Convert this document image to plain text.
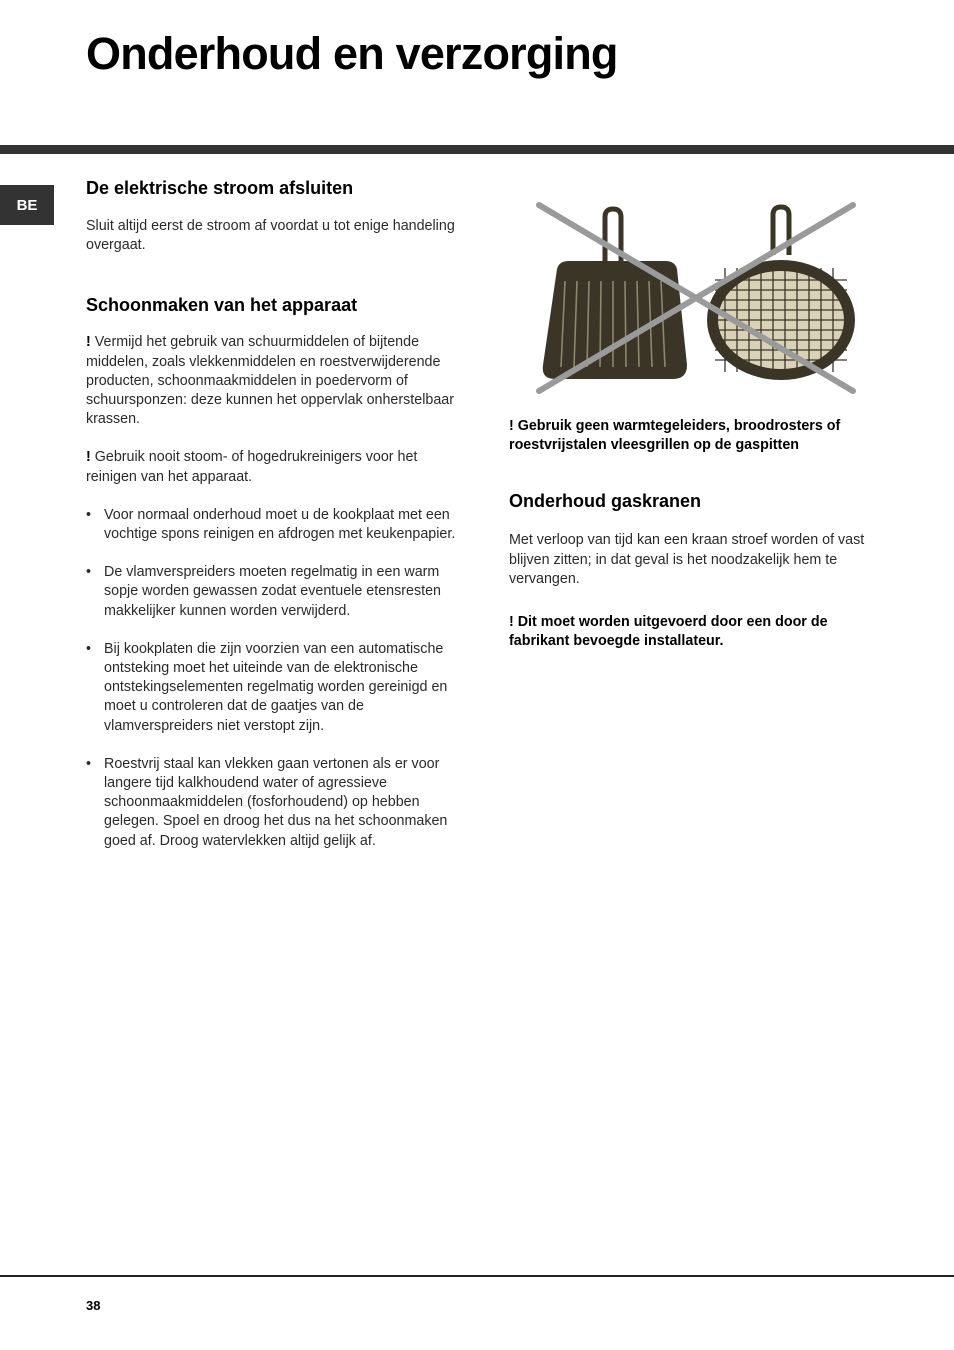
Onderhoud en verzorging
BE
De elektrische stroom afsluiten

Sluit altijd eerst de stroom af voordat u tot enige handeling overgaat.

Schoonmaken van het apparaat

! Vermijd het gebruik van schuurmiddelen of bijtende middelen, zoals vlekkenmiddelen en roestverwijderende producten, schoonmaakmiddelen in poedervorm of schuursponzen: deze kunnen het oppervlak onherstelbaar krassen.

! Gebruik nooit stoom- of hogedrukreinigers voor het reinigen van het apparaat.

• Voor normaal onderhoud moet u de kookplaat met een vochtige spons reinigen en afdrogen met keukenpapier.
• De vlamverspreiders moeten regelmatig in een warm sopje worden gewassen zodat eventuele etensresten makkelijker kunnen worden verwijderd.
• Bij kookplaten die zijn voorzien van een automatische ontsteking moet het uiteinde van de elektronische ontstekingselementen regelmatig worden gereinigd en moet u controleren dat de gaatjes van de vlamverspreiders niet verstopt zijn.
• Roestvrij staal kan vlekken gaan vertonen als er voor langere tijd kalkhoudend water of agressieve schoonmaakmiddelen (fosforhoudend) op hebben gelegen. Spoel en droog het dus na het schoonmaken goed af. Droog watervlekken altijd gelijk af.

! Gebruik geen warmtegeleiders, broodrosters of roestvrijstalen vleesgrillen op de gaspitten

Onderhoud gaskranen

Met verloop van tijd kan een kraan stroef worden of vast blijven zitten; in dat geval is het noodzakelijk hem te vervangen.

! Dit moet worden uitgevoerd door een door de fabrikant bevoegde installateur.

38
